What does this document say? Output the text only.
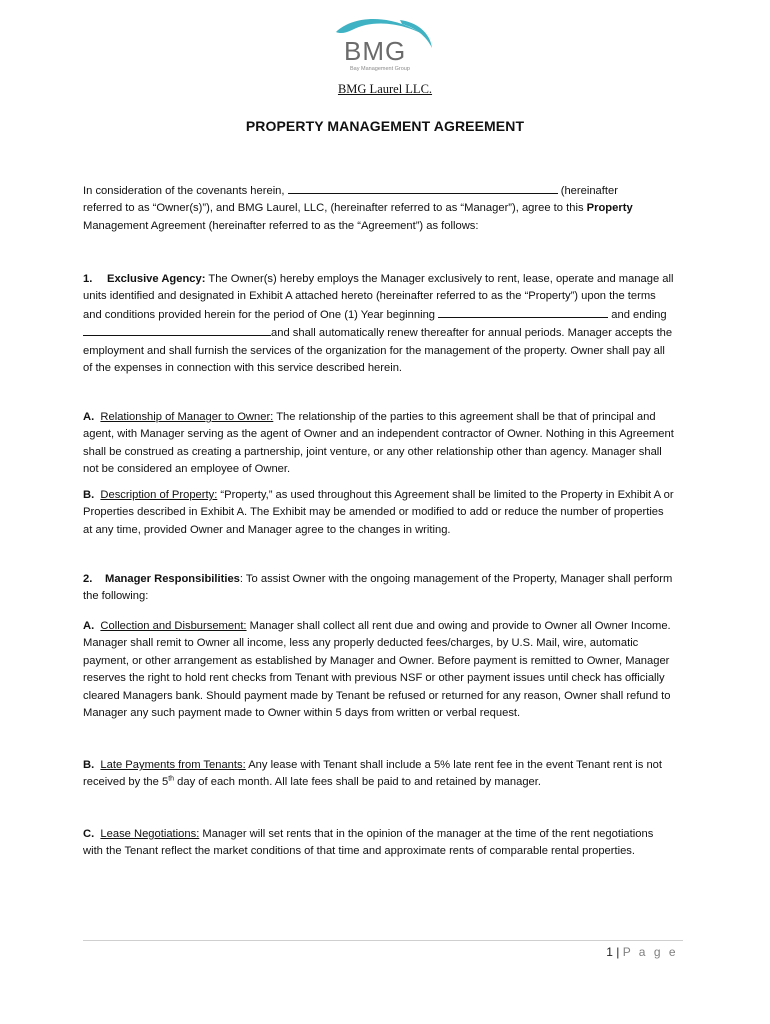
BMG
Bay Management Group
BMG Laurel LLC.
PROPERTY MANAGEMENT AGREEMENT
In consideration of the covenants herein,	(hereinafter
referred to as “Owner(s)”), and BMG Laurel, LLC, (hereinafter referred to as “Manager”), agree to this Property Management Agreement (hereinafter referred to as the “Agreement”) as follows:
1. Exclusive Agency: The Owner(s) hereby employs the Manager exclusively to rent, lease, operate and manage all units identified and designated in Exhibit A attached hereto (hereinafter referred to as the “Property”) upon the terms and conditions provided herein for the period of One (1) Year beginning	and ending and shall automatically renew thereafter for annual periods. Manager accepts the employment and shall furnish the services of the organization for the management of the property. Owner shall pay all of the expenses in connection with this service described herein.
A. Relationship of Manager to Owner: The relationship of the parties to this agreement shall be that of principal and agent, with Manager serving as the agent of Owner and an independent contractor of Owner. Nothing in this Agreement shall be construed as creating a partnership, joint venture, or any other relationship other than agency. Manager shall not be considered an employee of Owner.
B. Description of Property: “Property,” as used throughout this Agreement shall be limited to the Property in Exhibit A or Properties described in Exhibit A. The Exhibit may be amended or modified to add or reduce the number of properties at any time, provided Owner and Manager agree to the changes in writing.
2. Manager Responsibilities: To assist Owner with the ongoing management of the Property, Manager shall perform the following:
A. Collection and Disbursement: Manager shall collect all rent due and owing and provide to Owner all Owner Income. Manager shall remit to Owner all income, less any properly deducted fees/charges, by U.S. Mail, wire, automatic payment, or other arrangement as established by Manager and Owner. Before payment is remitted to Owner, Manager reserves the right to hold rent checks from Tenant with previous NSF or other payment issues until check has officially cleared Managers bank. Should payment made by Tenant be refused or returned for any reason, Owner shall refund to Manager any such payment made to Owner within 5 days from written or verbal request.
B. Late Payments from Tenants: Any lease with Tenant shall include a 5% late rent fee in the event Tenant rent is not received by the 5th day of each month. All late fees shall be paid to and retained by manager.
C. Lease Negotiations: Manager will set rents that in the opinion of the manager at the time of the rent negotiations with the Tenant reflect the market conditions of that time and approximate rents of comparable rental properties.
1 | P a g e
